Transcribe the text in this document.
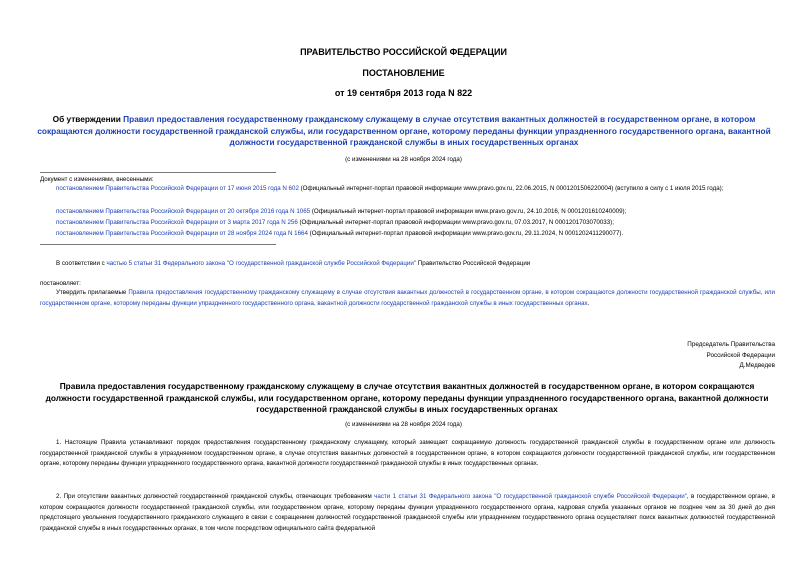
ПРАВИТЕЛЬСТВО РОССИЙСКОЙ ФЕДЕРАЦИИ
ПОСТАНОВЛЕНИЕ
от 19 сентября 2013 года N 822
Об утверждении Правил предоставления государственному гражданскому служащему в случае отсутствия вакантных должностей в государственном органе, в котором сокращаются должности государственной гражданской службы, или государственном органе, которому переданы функции упраздненного государственного органа, вакантной должности государственной гражданской службы в иных государственных органах
(с изменениями на 28 ноября 2024 года)
Документ с изменениями, внесенными:
постановлением Правительства Российской Федерации от 17 июня 2015 года N 602 (Официальный интернет-портал правовой информации www.pravo.gov.ru, 22.06.2015, N 0001201506220004) (вступило в силу с 1 июля 2015 года);
постановлением Правительства Российской Федерации от 20 октября 2016 года N 1065 (Официальный интернет-портал правовой информации www.pravo.gov.ru, 24.10.2016, N 0001201610240009);
постановлением Правительства Российской Федерации от 3 марта 2017 года N 256 (Официальный интернет-портал правовой информации www.pravo.gov.ru, 07.03.2017, N 0001201703070033);
постановлением Правительства Российской Федерации от 28 ноября 2024 года N 1664 (Официальный интернет-портал правовой информации www.pravo.gov.ru, 29.11.2024, N 0001202411290077).
В соответствии с частью 5 статьи 31 Федерального закона "О государственной гражданской службе Российской Федерации" Правительство Российской Федерации
постановляет:
Утвердить прилагаемые Правила предоставления государственному гражданскому служащему в случае отсутствия вакантных должностей в государственном органе, в котором сокращаются должности государственной гражданской службы, или государственном органе, которому переданы функции упраздненного государственного органа, вакантной должности государственной гражданской службы в иных государственных органах.
Председатель Правительства
Российской Федерации
Д.Медведев
Правила предоставления государственному гражданскому служащему в случае отсутствия вакантных должностей в государственном органе, в котором сокращаются должности государственной гражданской службы, или государственном органе, которому переданы функции упраздненного государственного органа, вакантной должности государственной гражданской службы в иных государственных органах
(с изменениями на 28 ноября 2024 года)
1. Настоящие Правила устанавливают порядок предоставления государственному гражданскому служащему, который замещает сокращаемую должность государственной гражданской службы в государственном органе или должность государственной гражданской службы в упраздняемом государственном органе, в случае отсутствия вакантных должностей в государственном органе, в котором сокращаются должности государственной гражданской службы, или государственном органе, которому переданы функции упраздненного государственного органа, вакантной должности государственной гражданской службы в иных государственных органах.
2. При отсутствии вакантных должностей государственной гражданской службы, отвечающих требованиям части 1 статьи 31 Федерального закона "О государственной гражданской службе Российской Федерации", в государственном органе, в котором сокращаются должности государственной гражданской службы, или государственном органе, которому переданы функции упраздненного государственного органа, кадровая служба указанных органов не позднее чем за 30 дней до дня предстоящего увольнения государственного гражданского служащего в связи с сокращением должностей государственной гражданской службы или упразднением государственного органа осуществляет поиск вакантных должностей государственной гражданской службы в иных государственных органах, в том числе посредством официального сайта федеральной
